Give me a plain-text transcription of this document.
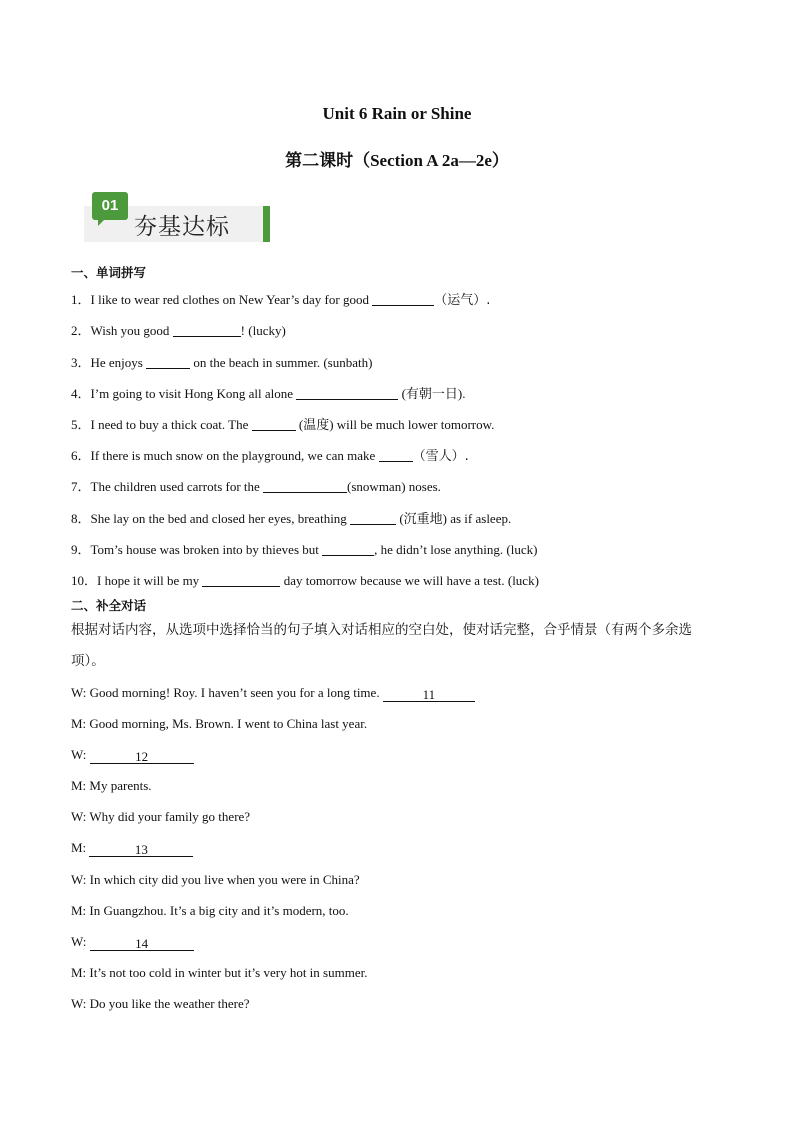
Unit 6 Rain or Shine
第二课时（Section A 2a—2e）
01
夯基达标
一、单词拼写
1．I like to wear red clothes on New Year’s day for good	（运气）.
2．Wish you good	! (lucky)
3．He enjoys	on the beach in summer. (sunbath)
4．I’m going to visit Hong Kong all alone	(有朝一日).
5．I need to buy a thick coat. The	(温度) will be much lower tomorrow.
6．If there is much snow on the playground, we can make	（雪人）.
7．The children used carrots for the	(snowman) noses.
8．She lay on the bed and closed her eyes, breathing	(沉重地) as if asleep.
9．Tom’s house was broken into by thieves but	, he didn’t lose anything. (luck)
10．I hope it will be my	day tomorrow because we will have a test. (luck)
二、补全对话
根据对话内容，从选项中选择恰当的句子填入对话相应的空白处，使对话完整，合乎情景（有两个多余选项）。
W: Good morning! Roy. I haven’t seen you for a long time.	11
M: Good morning, Ms. Brown. I went to China last year.
W:	12
M: My parents.
W: Why did your family go there?
M:	13
W: In which city did you live when you were in China?
M: In Guangzhou. It’s a big city and it’s modern, too.
W:	14
M: It’s not too cold in winter but it’s very hot in summer.
W: Do you like the weather there?
